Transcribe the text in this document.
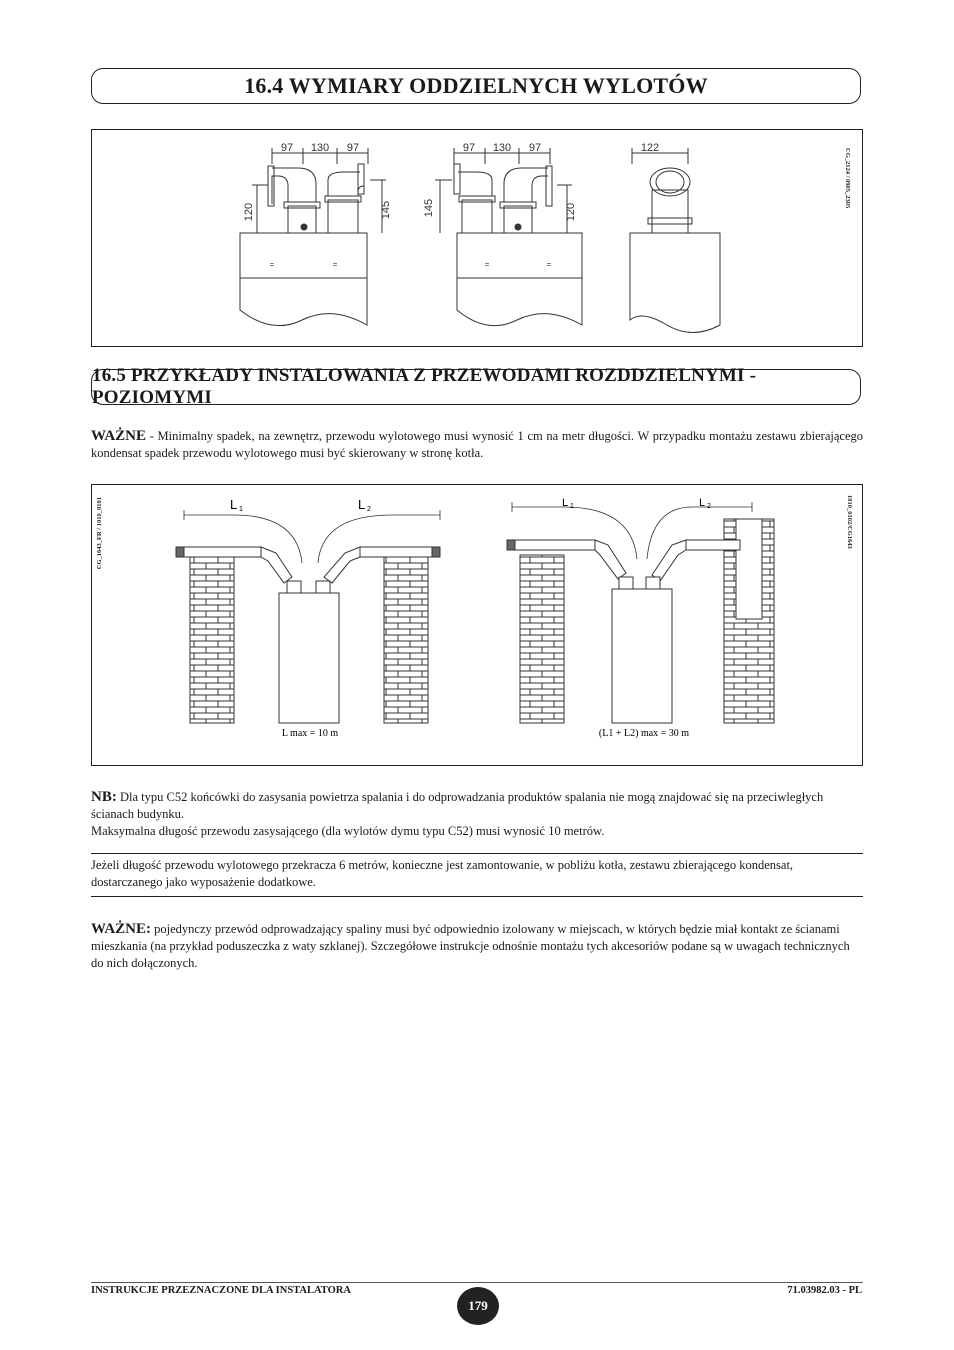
16.4 WYMIARY ODDZIELNYCH WYLOTÓW
97 130 97
120	145
=	=
97 130 97
145	120
=	=
122	CG_2124 / 0905_2305
16.5 PRZYKŁADY INSTALOWANIA Z PRZEWODAMI ROZDDZIELNYMI - POZIOMYMI
WAŻNE - Minimalny spadek, na zewnętrz, przewodu wylotowego musi wynosić 1 cm na metr długości. W przypadku montażu zestawu zbierającego kondensat spadek przewodu wylotowego musi być skierowany w stronę kotła.
L 1	L 2
L max = 10 m
L 1	L 2
(L1 + L2) max = 30 m
CG_1643_FR / 1010_0101	1010_0102/CG1643
NB: Dla typu C52 końcówki do zasysania powietrza spalania i do odprowadzania produktów spalania nie mogą znajdować się na przeciwległych ścianach budynku.
Maksymalna długość przewodu zasysającego (dla wylotów dymu typu C52) musi wynosić 10 metrów.
Jeżeli długość przewodu wylotowego przekracza 6 metrów, konieczne jest zamontowanie, w pobliżu kotła, zestawu zbierającego kondensat, dostarczanego jako wyposażenie dodatkowe.
WAŻNE: pojedynczy przewód odprowadzający spaliny musi być odpowiednio izolowany w miejscach, w których będzie miał kontakt ze ścianami mieszkania (na przykład poduszeczka z waty szklanej). Szczegółowe instrukcje odnośnie montażu tych akcesoriów podane są w uwagach technicznych do nich dołączonych.
INSTRUKCJE PRZEZNACZONE DLA INSTALATORA
179
71.03982.03 - PL
